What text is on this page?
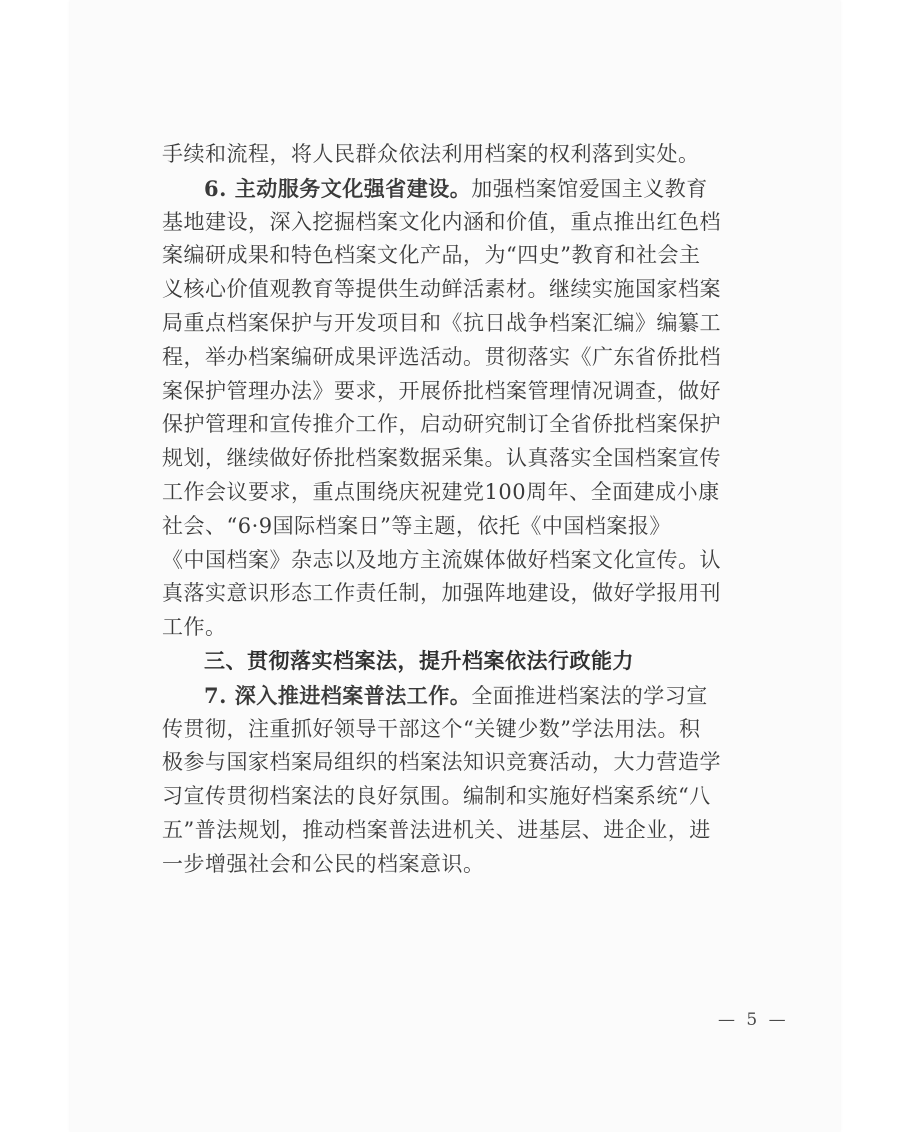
— 5 —
手续和流程，将人民群众依法利用档案的权利落到实处。
6. 主动服务文化强省建设。加强档案馆爱国主义教育
基地建设，深入挖掘档案文化内涵和价值，重点推出红色档
案编研成果和特色档案文化产品，为“四史”教育和社会主
义核心价值观教育等提供生动鲜活素材。继续实施国家档案
局重点档案保护与开发项目和《抗日战争档案汇编》编纂工
程，举办档案编研成果评选活动。贯彻落实《广东省侨批档
案保护管理办法》要求，开展侨批档案管理情况调查，做好
保护管理和宣传推介工作，启动研究制订全省侨批档案保护
规划，继续做好侨批档案数据采集。认真落实全国档案宣传
工作会议要求，重点围绕庆祝建党100周年、全面建成小康
社会、“6·9国际档案日”等主题，依托《中国档案报》
《中国档案》杂志以及地方主流媒体做好档案文化宣传。认
真落实意识形态工作责任制，加强阵地建设，做好学报用刊
工作。
三、贯彻落实档案法，提升档案依法行政能力
7. 深入推进档案普法工作。全面推进档案法的学习宣
传贯彻，注重抓好领导干部这个“关键少数”学法用法。积
极参与国家档案局组织的档案法知识竞赛活动，大力营造学
习宣传贯彻档案法的良好氛围。编制和实施好档案系统“八
五”普法规划，推动档案普法进机关、进基层、进企业，进
一步增强社会和公民的档案意识。
